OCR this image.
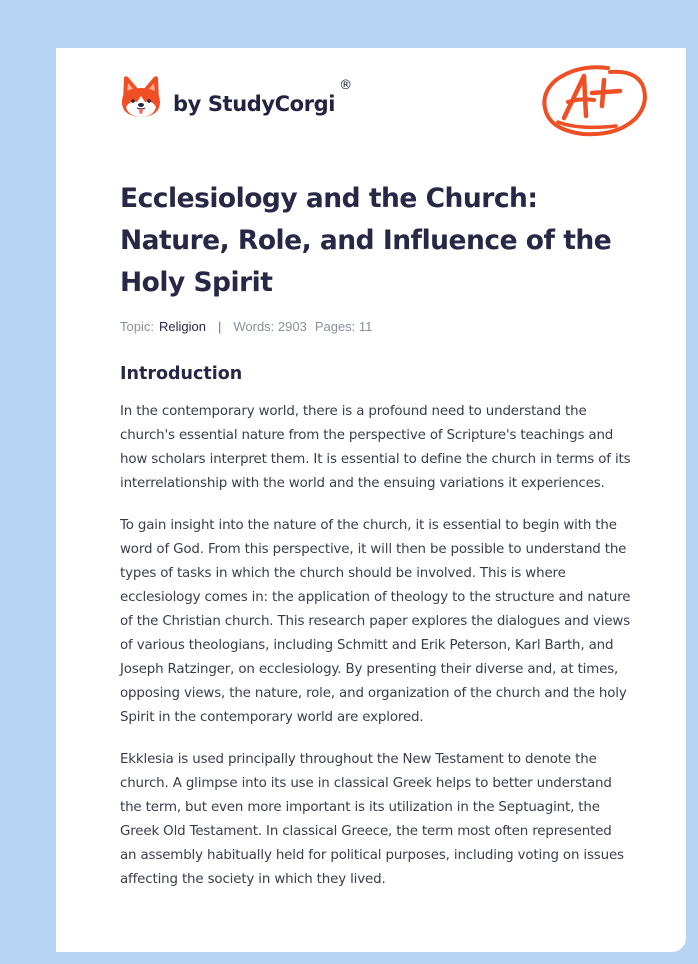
by StudyCorgi
®
Ecclesiology and the Church: Nature, Role, and Influence of the Holy Spirit
Topic: Religion | Words: 2903 Pages: 11
Introduction

In the contemporary world, there is a profound need to understand the church's essential nature from the perspective of Scripture's teachings and how scholars interpret them. It is essential to define the church in terms of its interrelationship with the world and the ensuing variations it experiences.

To gain insight into the nature of the church, it is essential to begin with the word of God. From this perspective, it will then be possible to understand the types of tasks in which the church should be involved. This is where ecclesiology comes in: the application of theology to the structure and nature of the Christian church. This research paper explores the dialogues and views of various theologians, including Schmitt and Erik Peterson, Karl Barth, and Joseph Ratzinger, on ecclesiology. By presenting their diverse and, at times, opposing views, the nature, role, and organization of the church and the holy Spirit in the contemporary world are explored.

Ekklesia is used principally throughout the New Testament to denote the church. A glimpse into its use in classical Greek helps to better understand the term, but even more important is its utilization in the Septuagint, the Greek Old Testament. In classical Greece, the term most often represented an assembly habitually held for political purposes, including voting on issues affecting the society in which they lived.
